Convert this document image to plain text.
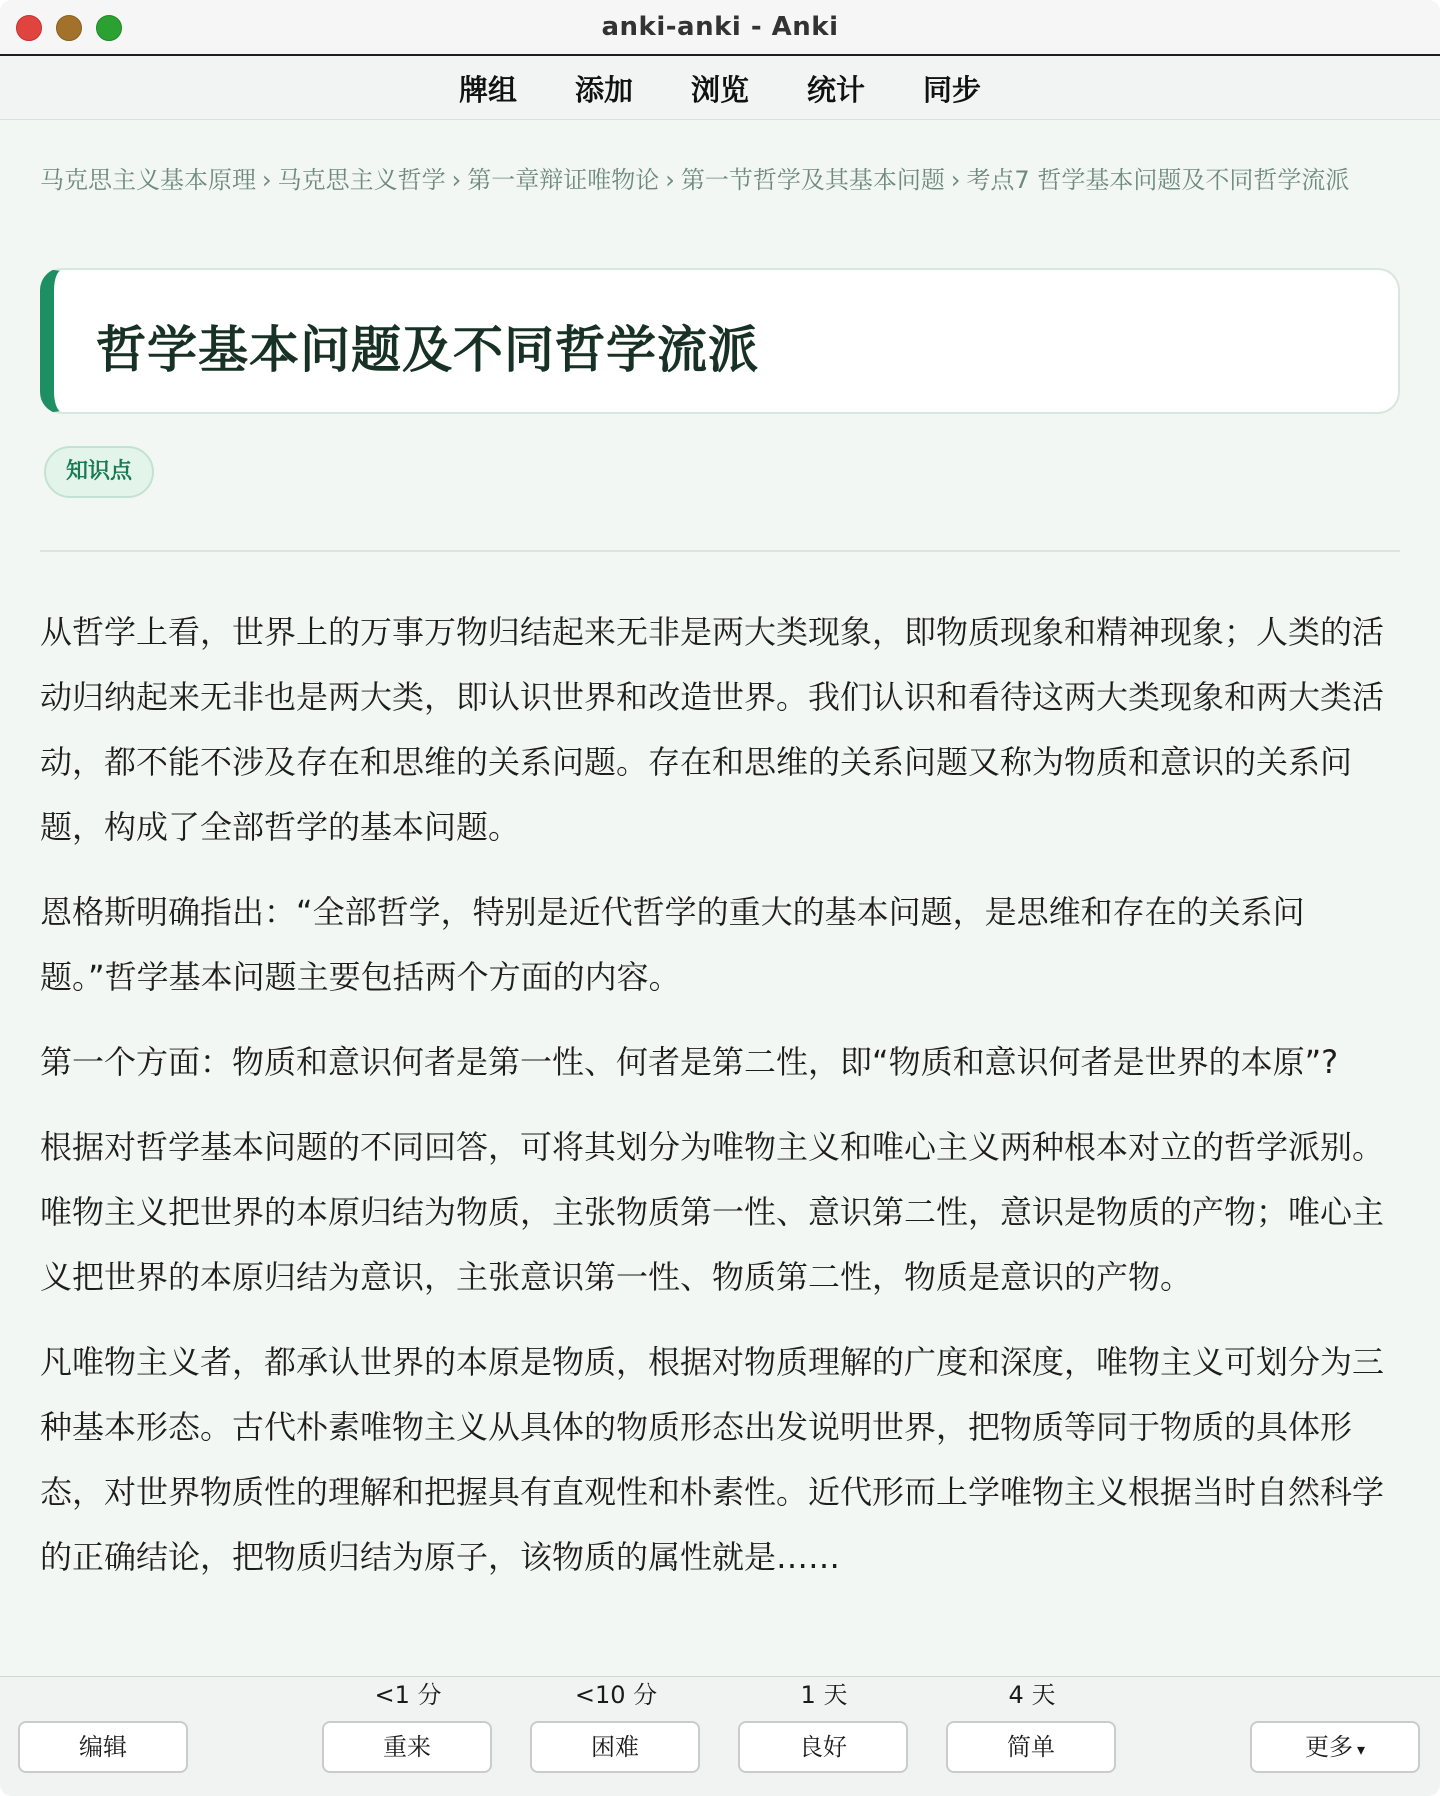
anki-anki - Anki
牌组	添加	浏览	统计	同步
马克思主义基本原理 › 马克思主义哲学 › 第一章辩证唯物论 › 第一节哲学及其基本问题 › 考点7 哲学基本问题及不同哲学流派
哲学基本问题及不同哲学流派
知识点

从哲学上看，世界上的万事万物归结起来无非是两大类现象，即物质现象和精神现象；人类的活动归纳起来无非也是两大类，即认识世界和改造世界。我们认识和看待这两大类现象和两大类活动，都不能不涉及存在和思维的关系问题。存在和思维的关系问题又称为物质和意识的关系问题，构成了全部哲学的基本问题。

恩格斯明确指出：“全部哲学，特别是近代哲学的重大的基本问题，是思维和存在的关系问题。”哲学基本问题主要包括两个方面的内容。

第一个方面：物质和意识何者是第一性、何者是第二性，即“物质和意识何者是世界的本原”?

根据对哲学基本问题的不同回答，可将其划分为唯物主义和唯心主义两种根本对立的哲学派别。唯物主义把世界的本原归结为物质，主张物质第一性、意识第二性，意识是物质的产物；唯心主义把世界的本原归结为意识，主张意识第一性、物质第二性，物质是意识的产物。

凡唯物主义者，都承认世界的本原是物质，根据对物质理解的广度和深度，唯物主义可划分为三种基本形态。古代朴素唯物主义从具体的物质形态出发说明世界，把物质等同于物质的具体形态，对世界物质性的理解和把握具有直观性和朴素性。近代形而上学唯物主义根据当时自然科学的正确结论，把物质归结为原子，该物质的属性就是……

编辑
<1 分
重来
<10 分
困难
1 天
良好
4 天
简单	更多 ▾
